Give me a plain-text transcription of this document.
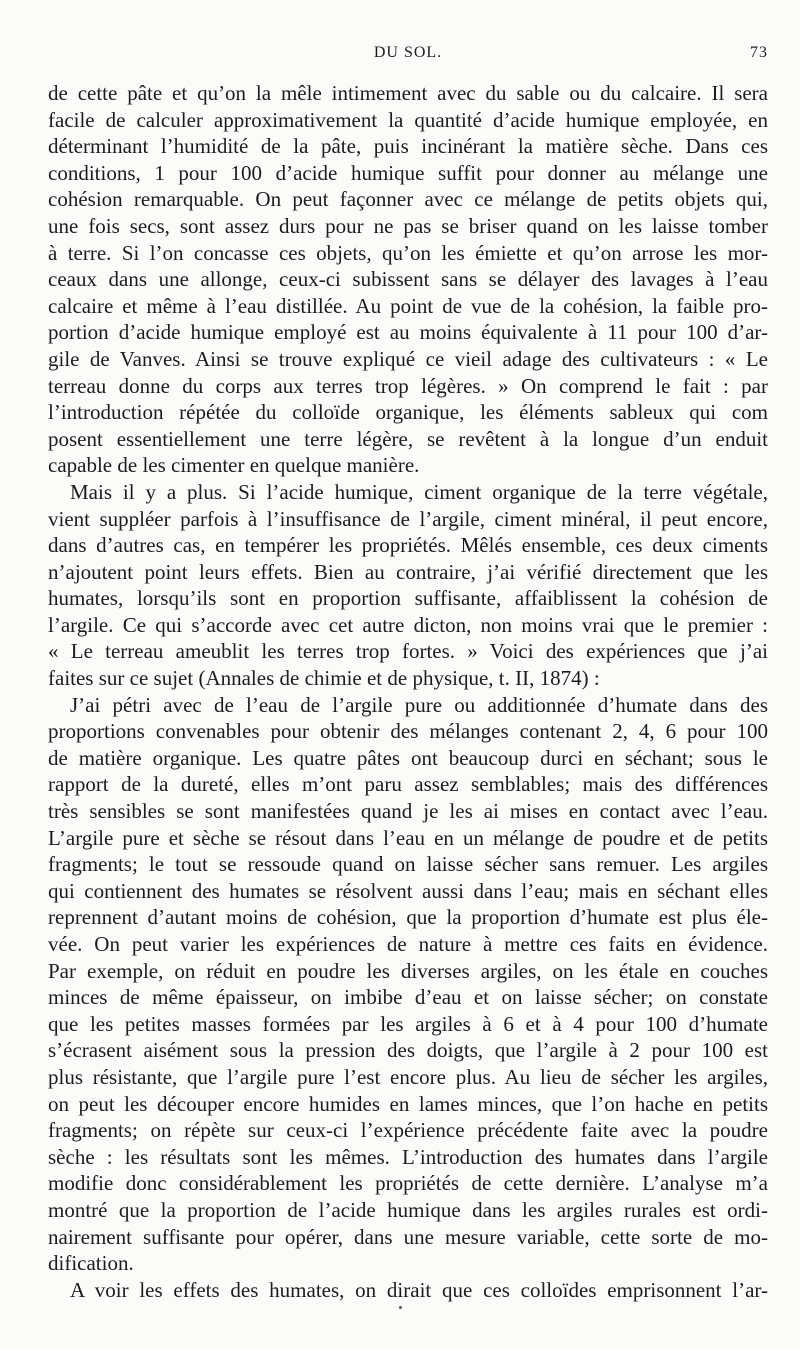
DU SOL.	73
de cette pâte et qu’on la mêle intimement avec du sable ou du calcaire. Il sera
facile de calculer approximativement la quantité d’acide humique employée, en
déterminant l’humidité de la pâte, puis incinérant la matière sèche. Dans ces
conditions, 1 pour 100 d’acide humique suffit pour donner au mélange une
cohésion remarquable. On peut façonner avec ce mélange de petits objets qui,
une fois secs, sont assez durs pour ne pas se briser quand on les laisse tomber
à terre. Si l’on concasse ces objets, qu’on les émiette et qu’on arrose les mor-
ceaux dans une allonge, ceux-ci subissent sans se délayer des lavages à l’eau
calcaire et même à l’eau distillée. Au point de vue de la cohésion, la faible pro-
portion d’acide humique employé est au moins équivalente à 11 pour 100 d’ar-
gile de Vanves. Ainsi se trouve expliqué ce vieil adage des cultivateurs : « Le
terreau donne du corps aux terres trop légères. » On comprend le fait : par
l’introduction répétée du colloïde organique, les éléments sableux qui com
posent essentiellement une terre légère, se revêtent à la longue d’un enduit
capable de les cimenter en quelque manière.
Mais il y a plus. Si l’acide humique, ciment organique de la terre végétale,
vient suppléer parfois à l’insuffisance de l’argile, ciment minéral, il peut encore,
dans d’autres cas, en tempérer les propriétés. Mêlés ensemble, ces deux ciments
n’ajoutent point leurs effets. Bien au contraire, j’ai vérifié directement que les
humates, lorsqu’ils sont en proportion suffisante, affaiblissent la cohésion de
l’argile. Ce qui s’accorde avec cet autre dicton, non moins vrai que le premier :
« Le terreau ameublit les terres trop fortes. » Voici des expériences que j’ai
faites sur ce sujet (Annales de chimie et de physique, t. II, 1874) :
J’ai pétri avec de l’eau de l’argile pure ou additionnée d’humate dans des
proportions convenables pour obtenir des mélanges contenant 2, 4, 6 pour 100
de matière organique. Les quatre pâtes ont beaucoup durci en séchant; sous le
rapport de la dureté, elles m’ont paru assez semblables; mais des différences
très sensibles se sont manifestées quand je les ai mises en contact avec l’eau.
L’argile pure et sèche se résout dans l’eau en un mélange de poudre et de petits
fragments; le tout se ressoude quand on laisse sécher sans remuer. Les argiles
qui contiennent des humates se résolvent aussi dans l’eau; mais en séchant elles
reprennent d’autant moins de cohésion, que la proportion d’humate est plus éle-
vée. On peut varier les expériences de nature à mettre ces faits en évidence.
Par exemple, on réduit en poudre les diverses argiles, on les étale en couches
minces de même épaisseur, on imbibe d’eau et on laisse sécher; on constate
que les petites masses formées par les argiles à 6 et à 4 pour 100 d’humate
s’écrasent aisément sous la pression des doigts, que l’argile à 2 pour 100 est
plus résistante, que l’argile pure l’est encore plus. Au lieu de sécher les argiles,
on peut les découper encore humides en lames minces, que l’on hache en petits
fragments; on répète sur ceux-ci l’expérience précédente faite avec la poudre
sèche : les résultats sont les mêmes. L’introduction des humates dans l’argile
modifie donc considérablement les propriétés de cette dernière. L’analyse m’a
montré que la proportion de l’acide humique dans les argiles rurales est ordi-
nairement suffisante pour opérer, dans une mesure variable, cette sorte de mo-
dification.
A voir les effets des humates, on dirait que ces colloïdes emprisonnent l’ar-
